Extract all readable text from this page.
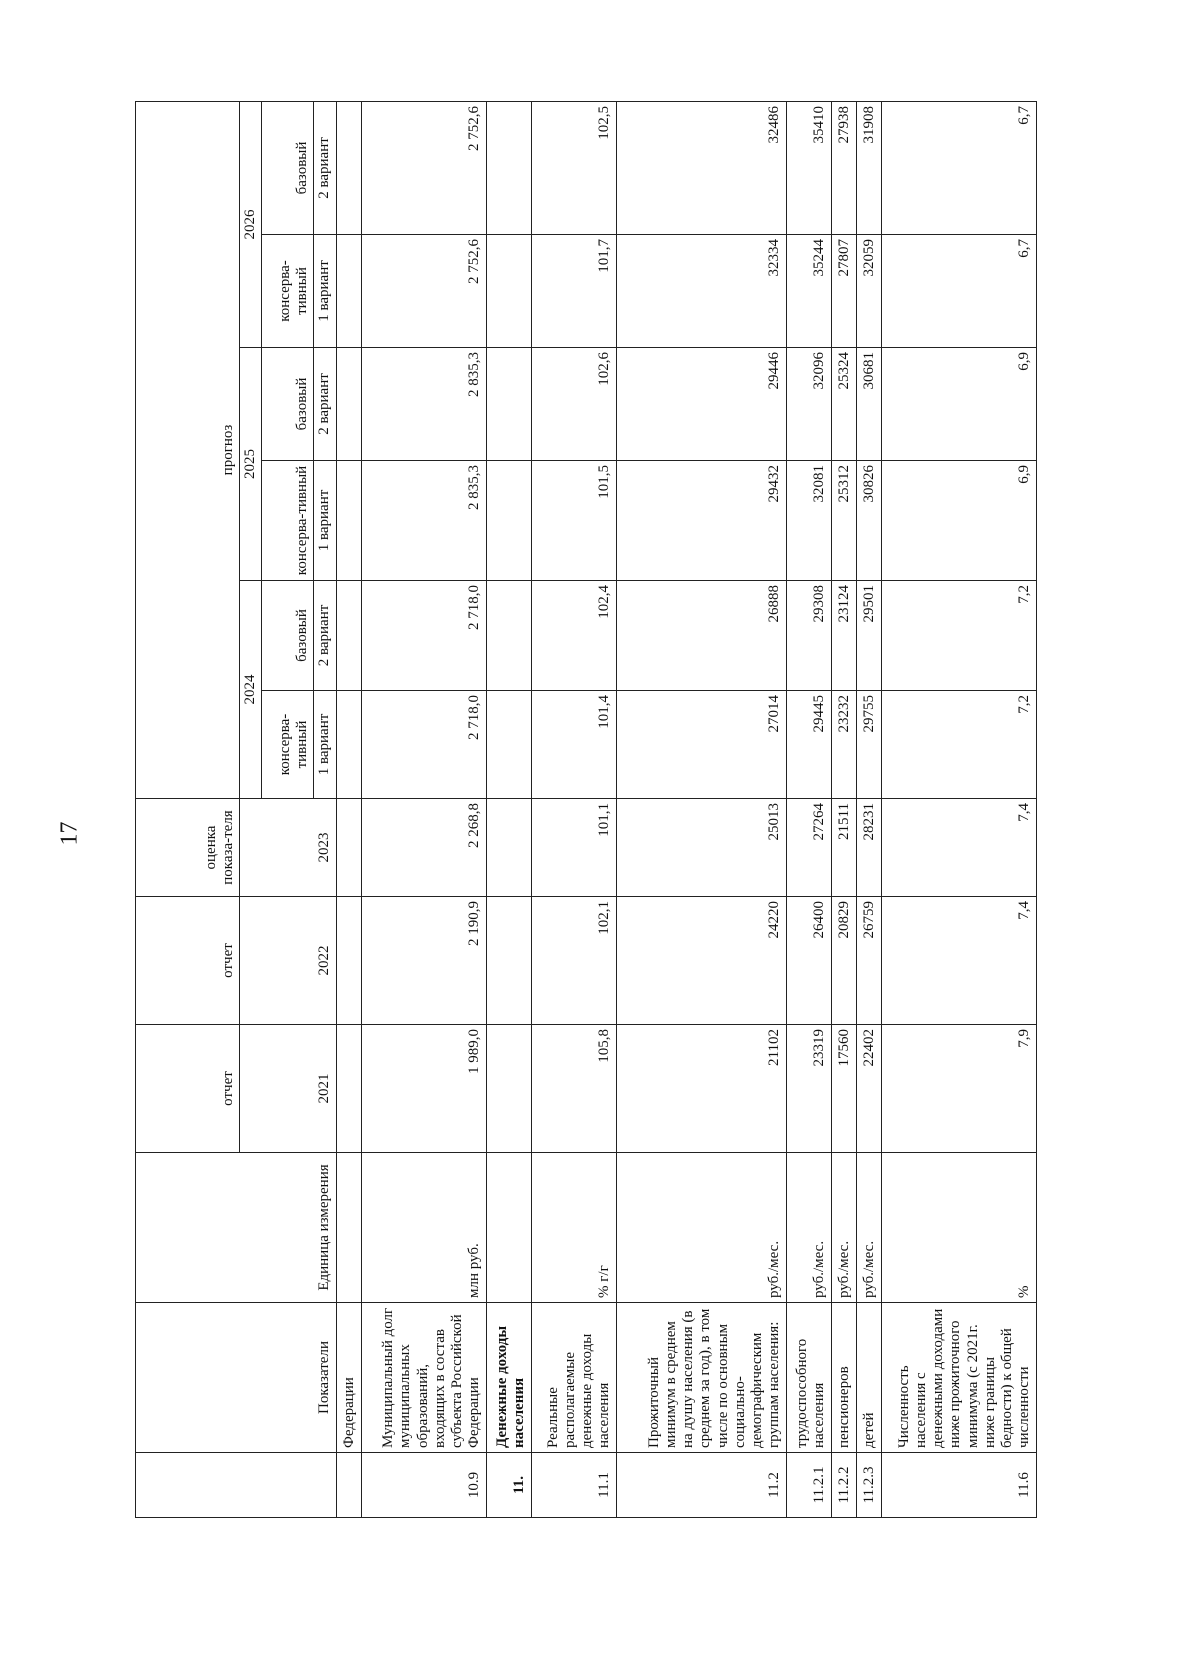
17
	Показатели	Единица измерения	отчет	отчет	оценка показа-теля	прогноз					
			2021	2022	2023	2024		2025		2026	
						консерва-тивный	базовый	консерва-тивный	базовый	консерва-тивный	базовый
						1 вариант	2 вариант	1 вариант	2 вариант	1 вариант	2 вариант
	Федерации										
10.9	Муниципальный долг муниципальных образований, входящих в состав субъекта Российской Федерации	млн руб.	1 989,0	2 190,9	2 268,8	2 718,0	2 718,0	2 835,3	2 835,3	2 752,6	2 752,6
11.	Денежные доходы населения										
11.1	Реальные располагаемые денежные доходы населения	% г/г	105,8	102,1	101,1	101,4	102,4	101,5	102,6	101,7	102,5
11.2	Прожиточный минимум в среднем на душу населения (в среднем за год), в том числе по основным социально-демографическим группам населения:	руб./мес.	21102	24220	25013	27014	26888	29432	29446	32334	32486
11.2.1	трудоспособного населения	руб./мес.	23319	26400	27264	29445	29308	32081	32096	35244	35410
11.2.2	пенсионеров	руб./мес.	17560	20829	21511	23232	23124	25312	25324	27807	27938
11.2.3	детей	руб./мес.	22402	26759	28231	29755	29501	30826	30681	32059	31908
11.6	Численность населения с денежными доходами ниже прожиточного минимума (с 2021г. ниже границы бедности) к общей численности	%	7,9	7,4	7,4	7,2	7,2	6,9	6,9	6,7	6,7
